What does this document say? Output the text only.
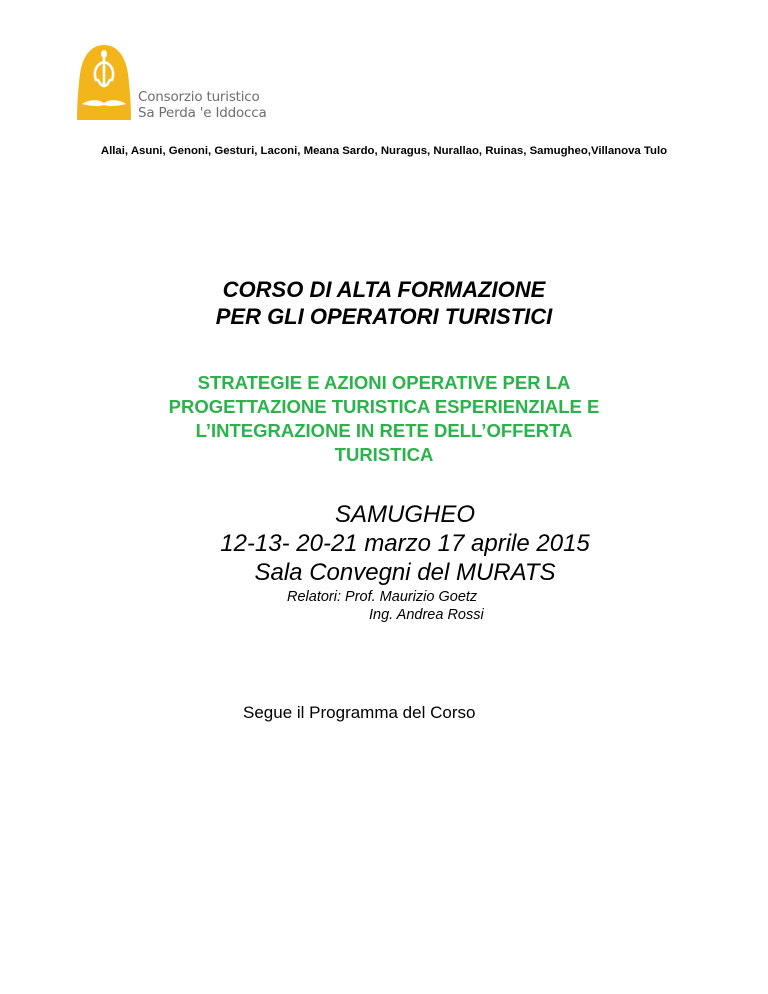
Consorzio turistico
Sa Perda 'e Iddocca
Allai, Asuni, Genoni, Gesturi, Laconi, Meana Sardo, Nuragus, Nurallao, Ruinas, Samugheo,Villanova Tulo
CORSO DI ALTA FORMAZIONE
PER GLI OPERATORI TURISTICI
STRATEGIE E AZIONI OPERATIVE PER LA
PROGETTAZIONE TURISTICA ESPERIENZIALE E
L’INTEGRAZIONE IN RETE DELL’OFFERTA
TURISTICA
SAMUGHEO
12-13- 20-21 marzo 17 aprile 2015
Sala Convegni del MURATS
Relatori: Prof. Maurizio Goetz
Ing. Andrea Rossi
Segue il Programma del Corso
